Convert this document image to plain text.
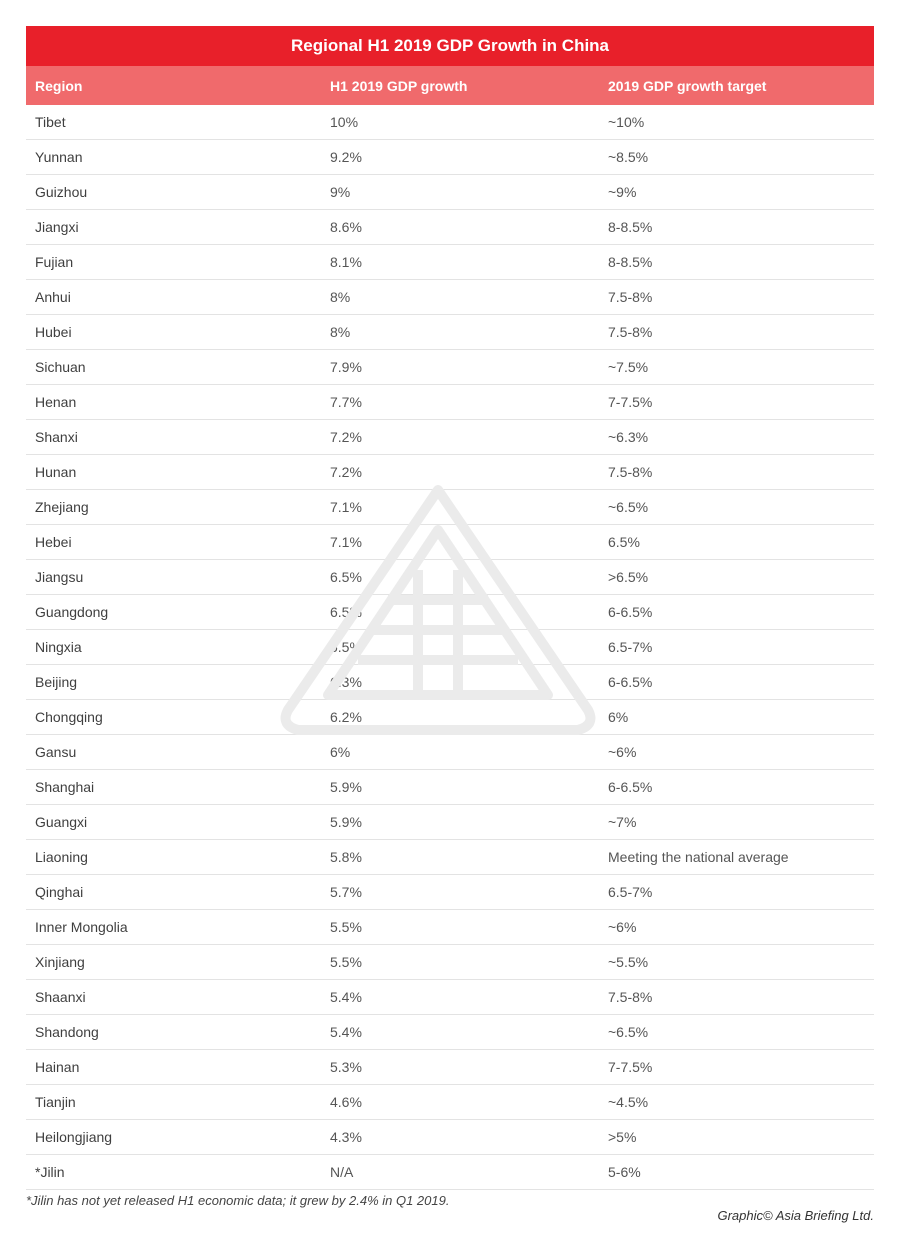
Regional H1 2019 GDP Growth in China
Region	H1 2019 GDP growth	2019 GDP growth target
Tibet	10%	~10%
Yunnan	9.2%	~8.5%
Guizhou	9%	~9%
Jiangxi	8.6%	8-8.5%
Fujian	8.1%	8-8.5%
Anhui	8%	7.5-8%
Hubei	8%	7.5-8%
Sichuan	7.9%	~7.5%
Henan	7.7%	7-7.5%
Shanxi	7.2%	~6.3%
Hunan	7.2%	7.5-8%
Zhejiang	7.1%	~6.5%
Hebei	7.1%	6.5%
Jiangsu	6.5%	>6.5%
Guangdong	6.5%	6-6.5%
Ningxia	6.5%	6.5-7%
Beijing	6.3%	6-6.5%
Chongqing	6.2%	6%
Gansu	6%	~6%
Shanghai	5.9%	6-6.5%
Guangxi	5.9%	~7%
Liaoning	5.8%	Meeting the national average
Qinghai	5.7%	6.5-7%
Inner Mongolia	5.5%	~6%
Xinjiang	5.5%	~5.5%
Shaanxi	5.4%	7.5-8%
Shandong	5.4%	~6.5%
Hainan	5.3%	7-7.5%
Tianjin	4.6%	~4.5%
Heilongjiang	4.3%	>5%
*Jilin	N/A	5-6%
*Jilin has not yet released H1 economic data; it grew by 2.4% in Q1 2019.
Graphic© Asia Briefing Ltd.
